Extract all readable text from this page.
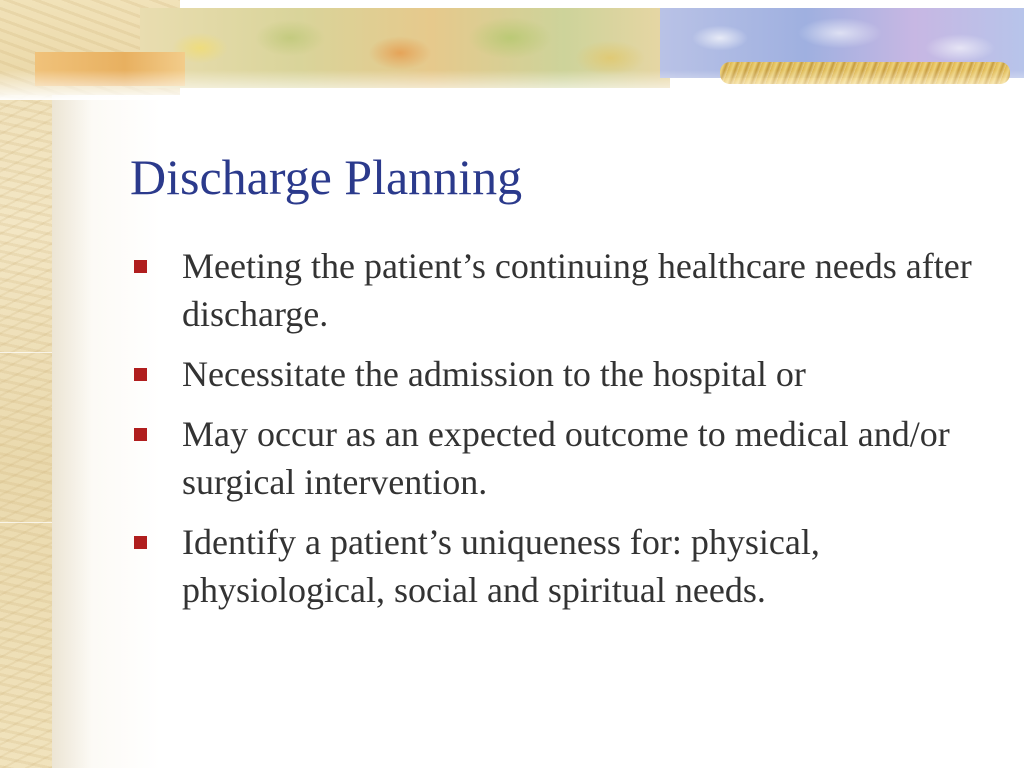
Discharge Planning
Meeting the patient’s continuing healthcare needs after discharge.
Necessitate the admission to the hospital or
May occur as an expected outcome to medical and/or surgical intervention.
Identify a patient’s uniqueness for: physical, physiological, social and spiritual needs.
